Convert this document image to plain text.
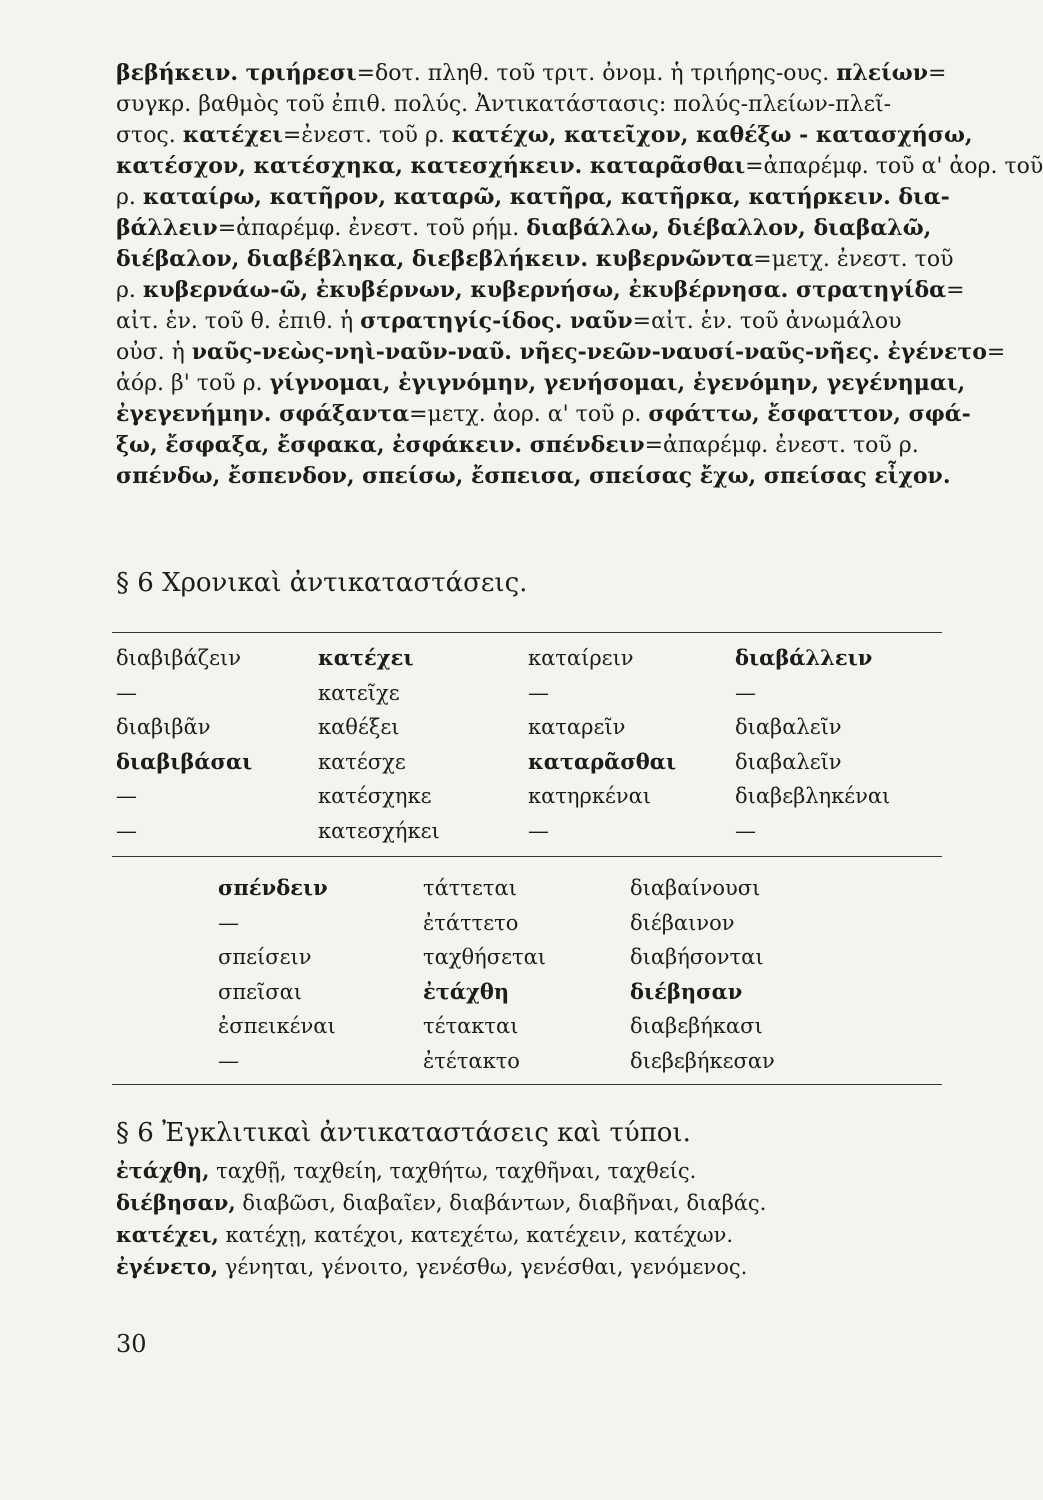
βεβήκειν. τριήρεσι=δοτ. πληθ. τοῦ τριτ. ὀνομ. ἡ τριήρης-ους. πλείων=
συγκρ. βαθμὸς τοῦ ἐπιθ. πολύς. Ἀντικατάστασις: πολύς-πλείων-πλεῖ-
στος. κατέχει=ἐνεστ. τοῦ ρ. κατέχω, κατεῖχον, καθέξω - κατασχήσω,
κατέσχον, κατέσχηκα, κατεσχήκειν. καταρᾶσθαι=ἀπαρέμφ. τοῦ α' ἀορ. τοῦ
ρ. καταίρω, κατῆρον, καταρῶ, κατῆρα, κατῆρκα, κατήρκειν. δια-
βάλλειν=ἀπαρέμφ. ἐνεστ. τοῦ ρήμ. διαβάλλω, διέβαλλον, διαβαλῶ,
διέβαλον, διαβέβληκα, διεβεβλήκειν. κυβερνῶντα=μετχ. ἐνεστ. τοῦ
ρ. κυβερνάω-ῶ, ἐκυβέρνων, κυβερνήσω, ἐκυβέρνησα. στρατηγίδα=
αἰτ. ἑν. τοῦ θ. ἐπιθ. ἡ στρατηγίς-ίδος. ναῦν=αἰτ. ἑν. τοῦ ἀνωμάλου
οὐσ. ἡ ναῦς-νεὼς-νηὶ-ναῦν-ναῦ. νῆες-νεῶν-ναυσί-ναῦς-νῆες. ἐγένετο=
ἀόρ. β' τοῦ ρ. γίγνομαι, ἐγιγνόμην, γενήσομαι, ἐγενόμην, γεγένημαι,
ἐγεγενήμην. σφάξαντα=μετχ. ἀορ. α' τοῦ ρ. σφάττω, ἔσφαττον, σφά-
ξω, ἔσφαξα, ἔσφακα, ἐσφάκειν. σπένδειν=ἀπαρέμφ. ἐνεστ. τοῦ ρ.
σπένδω, ἔσπενδον, σπείσω, ἔσπεισα, σπείσας ἔχω, σπείσας εἶχον.

§ 6 Χρονικαὶ ἀντικαταστάσεις.
διαβιβάζειν
—
διαβιβᾶν
διαβιβάσαι
—
—
κατέχει
κατεῖχε
καθέξει
κατέσχε
κατέσχηκε
κατεσχήκει
καταίρειν
—
καταρεῖν
καταρᾶσθαι
κατηρκέναι
—
διαβάλλειν
—
διαβαλεῖν
διαβαλεῖν
διαβεβληκέναι
—
σπένδειν
—
σπείσειν
σπεῖσαι
ἐσπεικέναι
—
τάττεται
ἐτάττετο
ταχθήσεται
ἐτάχθη
τέτακται
ἐτέτακτο
διαβαίνουσι
διέβαινον
διαβήσονται
διέβησαν
διαβεβήκασι
διεβεβήκεσαν
§ 6 Ἐγκλιτικαὶ ἀντικαταστάσεις καὶ τύποι.
ἐτάχθη, ταχθῇ, ταχθείη, ταχθήτω, ταχθῆναι, ταχθείς.
διέβησαν, διαβῶσι, διαβαῖεν, διαβάντων, διαβῆναι, διαβάς.
κατέχει, κατέχῃ, κατέχοι, κατεχέτω, κατέχειν, κατέχων.
ἐγένετο, γένηται, γένοιτο, γενέσθω, γενέσθαι, γενόμενος.
30
